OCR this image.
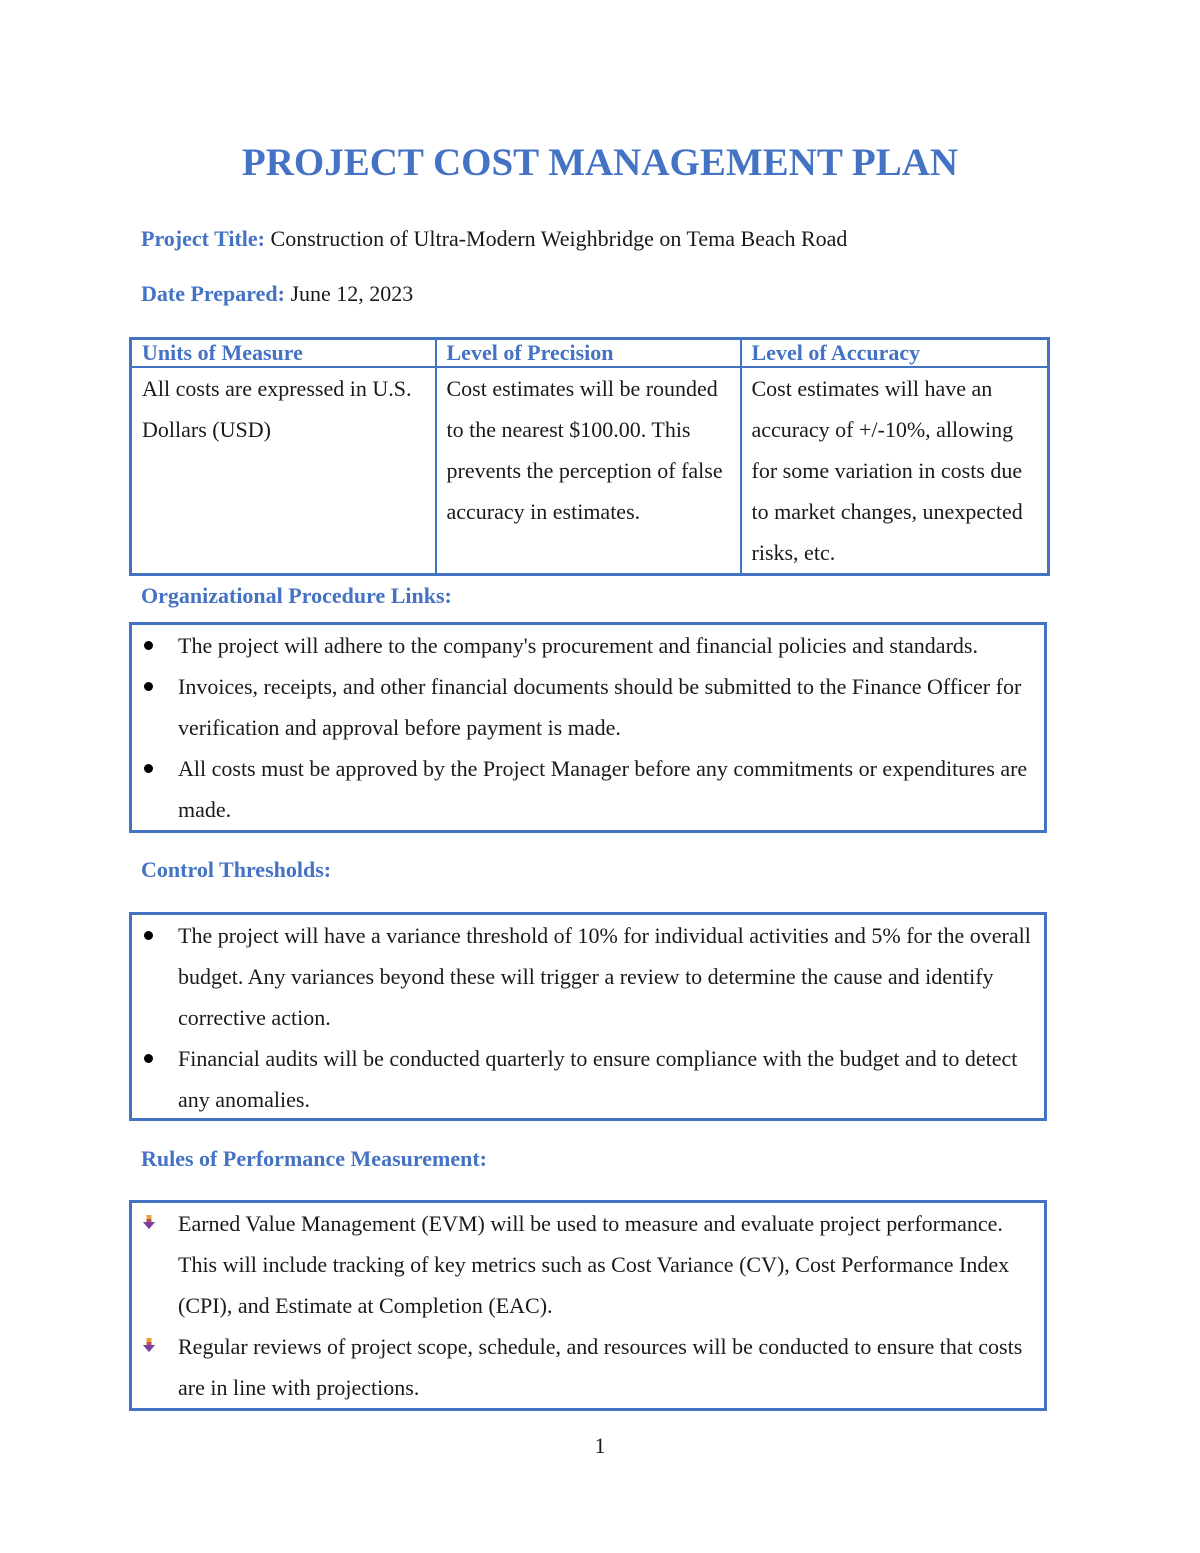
PROJECT COST MANAGEMENT PLAN
Project Title: Construction of Ultra-Modern Weighbridge on Tema Beach Road
Date Prepared: June 12, 2023
Units of Measure	Level of Precision	Level of Accuracy
All costs are expressed in U.S. Dollars (USD)	Cost estimates will be rounded to the nearest $100.00. This prevents the perception of false accuracy in estimates.	Cost estimates will have an accuracy of +/-10%, allowing for some variation in costs due to market changes, unexpected risks, etc.
Organizational Procedure Links:
The project will adhere to the company's procurement and financial policies and standards.
Invoices, receipts, and other financial documents should be submitted to the Finance Officer for verification and approval before payment is made.
All costs must be approved by the Project Manager before any commitments or expenditures are made.
Control Thresholds:
The project will have a variance threshold of 10% for individual activities and 5% for the overall budget. Any variances beyond these will trigger a review to determine the cause and identify corrective action.
Financial audits will be conducted quarterly to ensure compliance with the budget and to detect any anomalies.
Rules of Performance Measurement:
Earned Value Management (EVM) will be used to measure and evaluate project performance. This will include tracking of key metrics such as Cost Variance (CV), Cost Performance Index (CPI), and Estimate at Completion (EAC).
Regular reviews of project scope, schedule, and resources will be conducted to ensure that costs are in line with projections.
1
